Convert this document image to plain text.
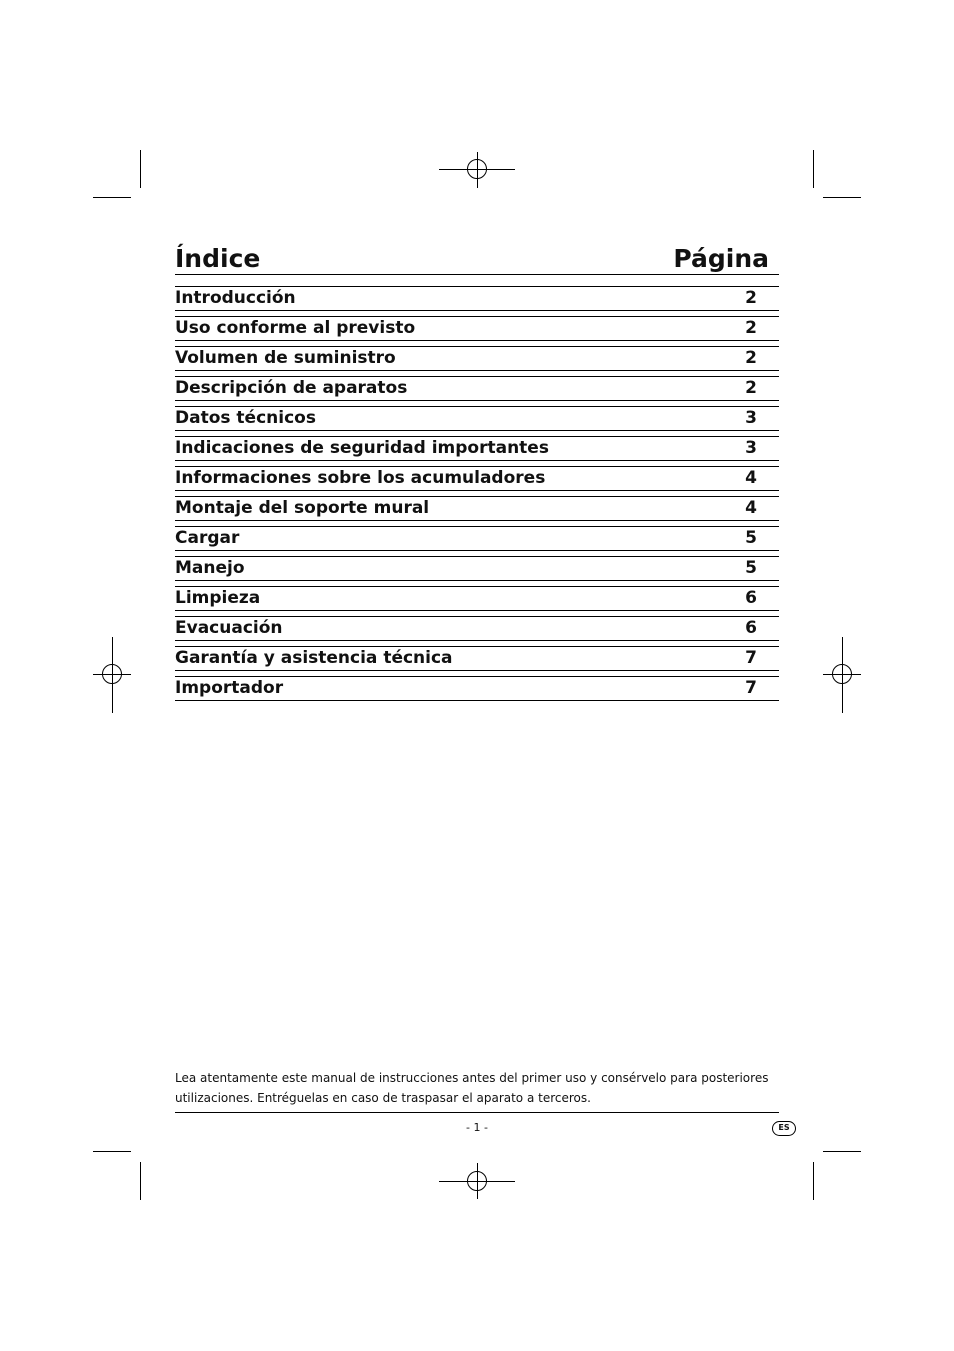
Índice	Página
Introducción	2
Uso conforme al previsto	2
Volumen de suministro	2
Descripción de aparatos	2
Datos técnicos	3
Indicaciones de seguridad importantes	3
Informaciones sobre los acumuladores	4
Montaje del soporte mural	4
Cargar	5
Manejo	5
Limpieza	6
Evacuación	6
Garantía y asistencia técnica	7
Importador	7
Lea atentamente este manual de instrucciones antes del primer uso y consérvelo para posteriores
utilizaciones. Entréguelas en caso de traspasar el aparato a terceros.
- 1 -	ES
